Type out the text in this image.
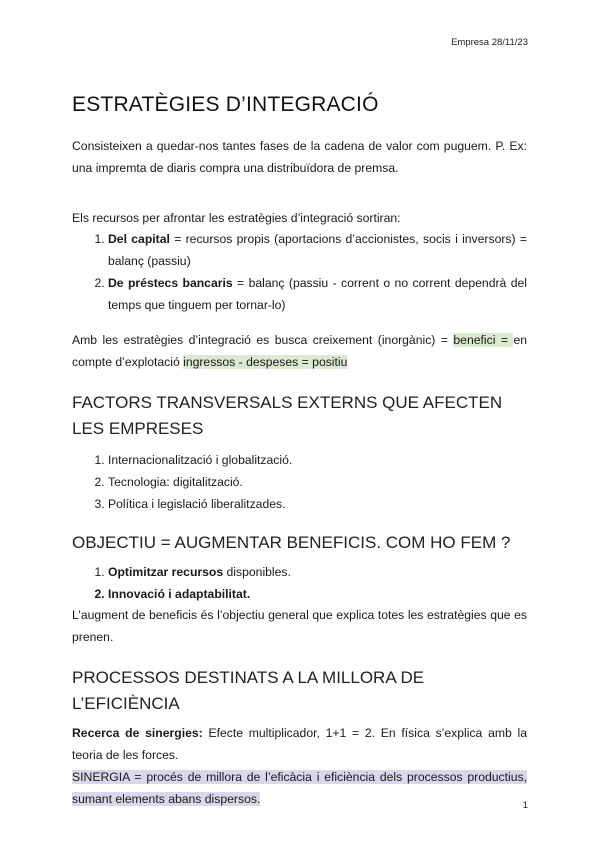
Empresa 28/11/23
ESTRATÈGIES D’INTEGRACIÓ

Consisteixen a quedar-nos tantes fases de la cadena de valor com puguem. P. Ex: una impremta de diaris compra una distribuïdora de premsa.

Els recursos per afrontar les estratègies d’integració sortiran:

1. Del capital = recursos propis (aportacions d’accionistes, socis i inversors) = balanç (passiu)
2. De préstecs bancaris = balanç (passiu - corrent o no corrent dependrà del temps que tinguem per tornar-lo)

Amb les estratègies d’integració es busca creixement (inorgànic) = benefici = en compte d’explotació ingressos - despeses = positiu

FACTORS TRANSVERSALS EXTERNS QUE AFECTEN LES EMPRESES
1. Internacionalització i globalització.
2. Tecnologia: digitalització.
3. Política i legislació liberalitzades.
OBJECTIU = AUGMENTAR BENEFICIS. COM HO FEM ?
1. Optimitzar recursos disponibles.
2. Innovació i adaptabilitat.

L’augment de beneficis és l’objectiu general que explica totes les estratègies que es prenen.

PROCESSOS DESTINATS A LA MILLORA DE L’EFICIÈNCIA

Recerca de sinergies: Efecte multiplicador, 1+1 = 2. En física s’explica amb la teoria de les forces.

SINERGIA = procés de millora de l’eficàcia i eficiència dels processos productius, sumant elements abans dispersos.	1
